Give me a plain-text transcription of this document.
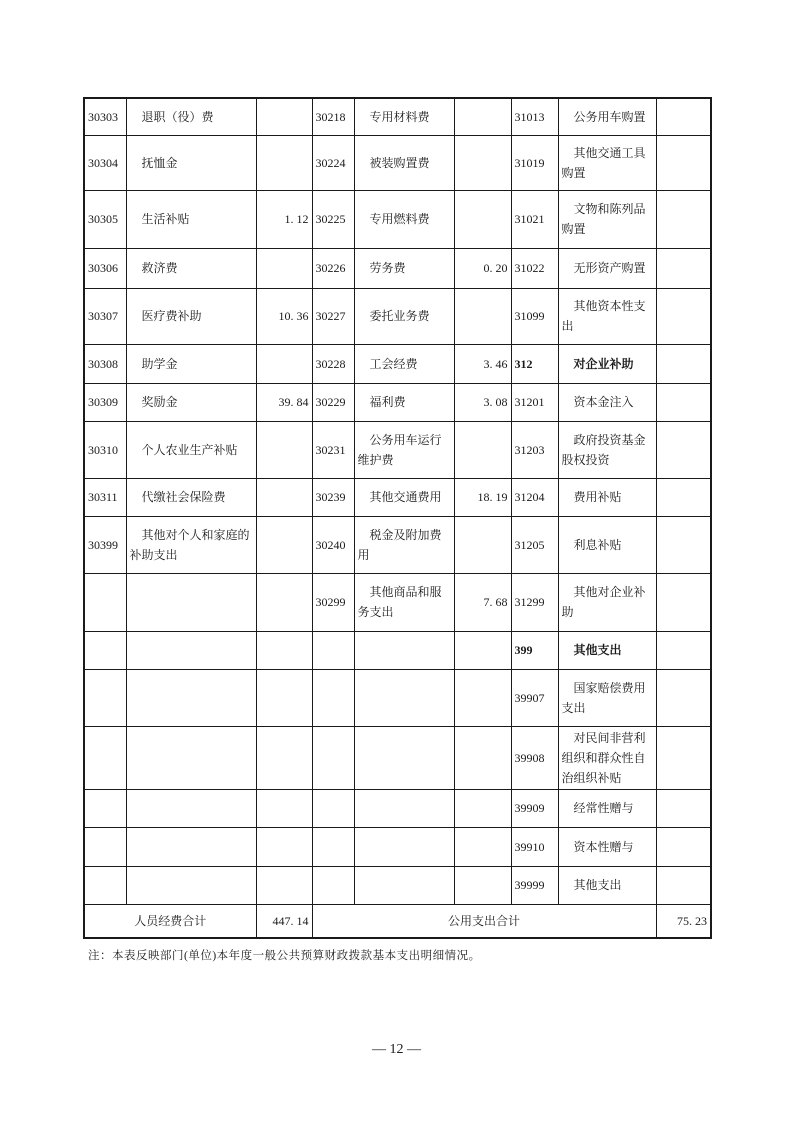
30303	退职（役）费		30218	专用材料费		31013	公务用车购置	
30304	抚恤金		30224	被装购置费		31019	其他交通工具购置	
30305	生活补贴	1. 12	30225	专用燃料费		31021	文物和陈列品购置	
30306	救济费		30226	劳务费	0. 20	31022	无形资产购置	
30307	医疗费补助	10. 36	30227	委托业务费		31099	其他资本性支出	
30308	助学金		30228	工会经费	3. 46	312	对企业补助	
30309	奖励金	39. 84	30229	福利费	3. 08	31201	资本金注入	
30310	个人农业生产补贴		30231	公务用车运行维护费		31203	政府投资基金股权投资	
30311	代缴社会保险费		30239	其他交通费用	18. 19	31204	费用补贴	
30399	其他对个人和家庭的补助支出		30240	税金及附加费用		31205	利息补贴	
			30299	其他商品和服务支出	7. 68	31299	其他对企业补助	
						399	其他支出	
						39907	国家赔偿费用支出	
						39908	对民间非营利组织和群众性自治组织补贴	
						39909	经常性赠与	
						39910	资本性赠与	
						39999	其他支出	
人员经费合计		447. 14	公用支出合计					75. 23
注：本表反映部门(单位)本年度一般公共预算财政拨款基本支出明细情况。
— 12 —
